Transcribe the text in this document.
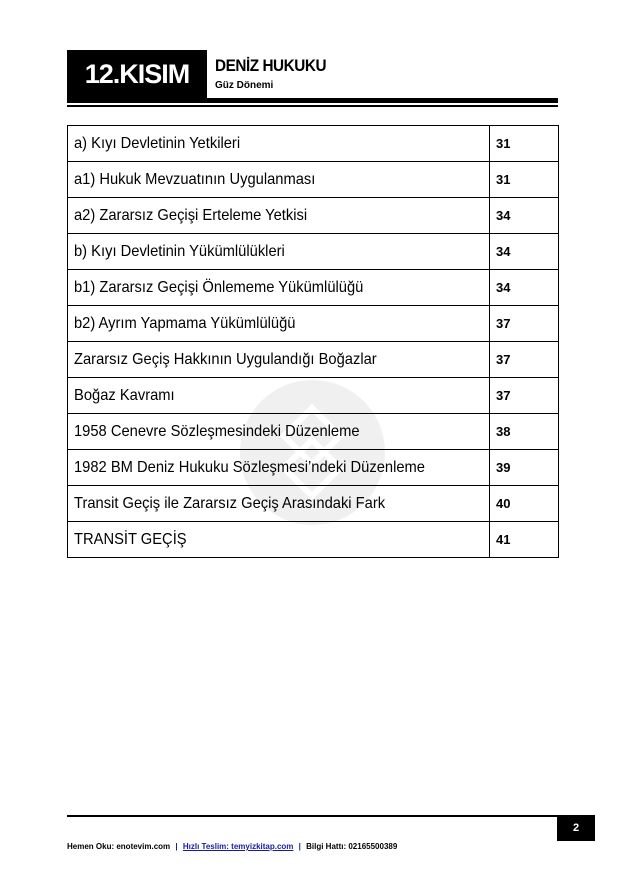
12.KISIM	DENİZ HUKUKU
Güz Dönemi
a) Kıyı Devletinin Yetkileri	31
a1) Hukuk Mevzuatının Uygulanması	31
a2) Zararsız Geçişi Erteleme Yetkisi	34
b) Kıyı Devletinin Yükümlülükleri	34
b1) Zararsız Geçişi Önlememe Yükümlülüğü	34
b2) Ayrım Yapmama Yükümlülüğü	37
Zararsız Geçiş Hakkının Uygulandığı Boğazlar	37
Boğaz Kavramı	37
1958 Cenevre Sözleşmesindeki Düzenleme	38
1982 BM Deniz Hukuku Sözleşmesi’ndeki Düzenleme	39
Transit Geçiş ile Zararsız Geçiş Arasındaki Fark	40
TRANSİT GEÇİŞ	41
2
Hemen Oku: enotevim.com | Hızlı Teslim: temyizkitap.com | Bilgi Hattı: 02165500389
